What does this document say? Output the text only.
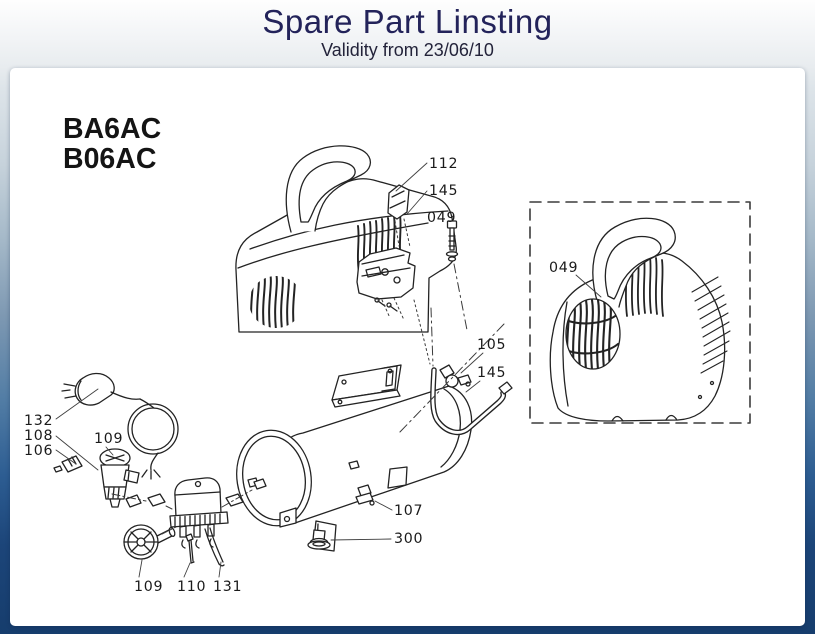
Spare Part Linsting
Validity from 23/06/10
BA6AC
B06AC	112
145
049
049
105
145
132
108
106
109
107
300
109 110 131
